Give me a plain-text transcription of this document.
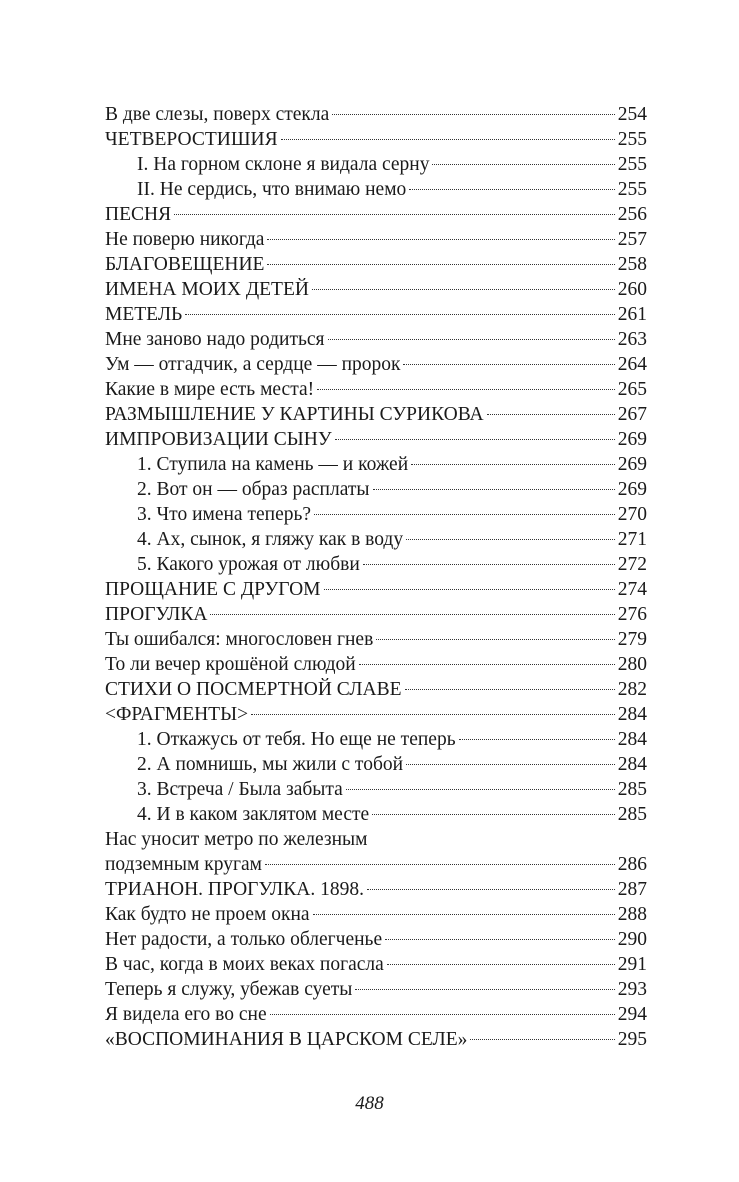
В две слезы, поверх стекла	254
ЧЕТВЕРОСТИШИЯ	255
I. На горном склоне я видала серну	255
II. Не сердись, что внимаю немо	255
ПЕСНЯ	256
Не поверю никогда	257
БЛАГОВЕЩЕНИЕ	258
ИМЕНА МОИХ ДЕТЕЙ	260
МЕТЕЛЬ	261
Мне заново надо родиться	263
Ум — отгадчик, а сердце — пророк	264
Какие в мире есть места!	265
РАЗМЫШЛЕНИЕ У КАРТИНЫ СУРИКОВА	267
ИМПРОВИЗАЦИИ СЫНУ	269
1. Ступила на камень — и кожей	269
2. Вот он — образ расплаты	269
3. Что имена теперь?	270
4. Ах, сынок, я гляжу как в воду	271
5. Какого урожая от любви	272
ПРОЩАНИЕ С ДРУГОМ	274
ПРОГУЛКА	276
Ты ошибался: многословен гнев	279
То ли вечер крошёной слюдой	280
СТИХИ О ПОСМЕРТНОЙ СЛАВЕ	282
<ФРАГМЕНТЫ>	284
1. Откажусь от тебя. Но еще не теперь	284
2. А помнишь, мы жили с тобой	284
3. Встреча / Была забыта	285
4. И в каком заклятом месте	285
Нас уносит метро по железным
подземным кругам	286
ТРИАНОН. ПРОГУЛКА. 1898.	287
Как будто не проем окна	288
Нет радости, а только облегченье	290
В час, когда в моих веках погасла	291
Теперь я служу, убежав суеты	293
Я видела его во сне	294
«ВОСПОМИНАНИЯ В ЦАРСКОМ СЕЛЕ»	295
488
